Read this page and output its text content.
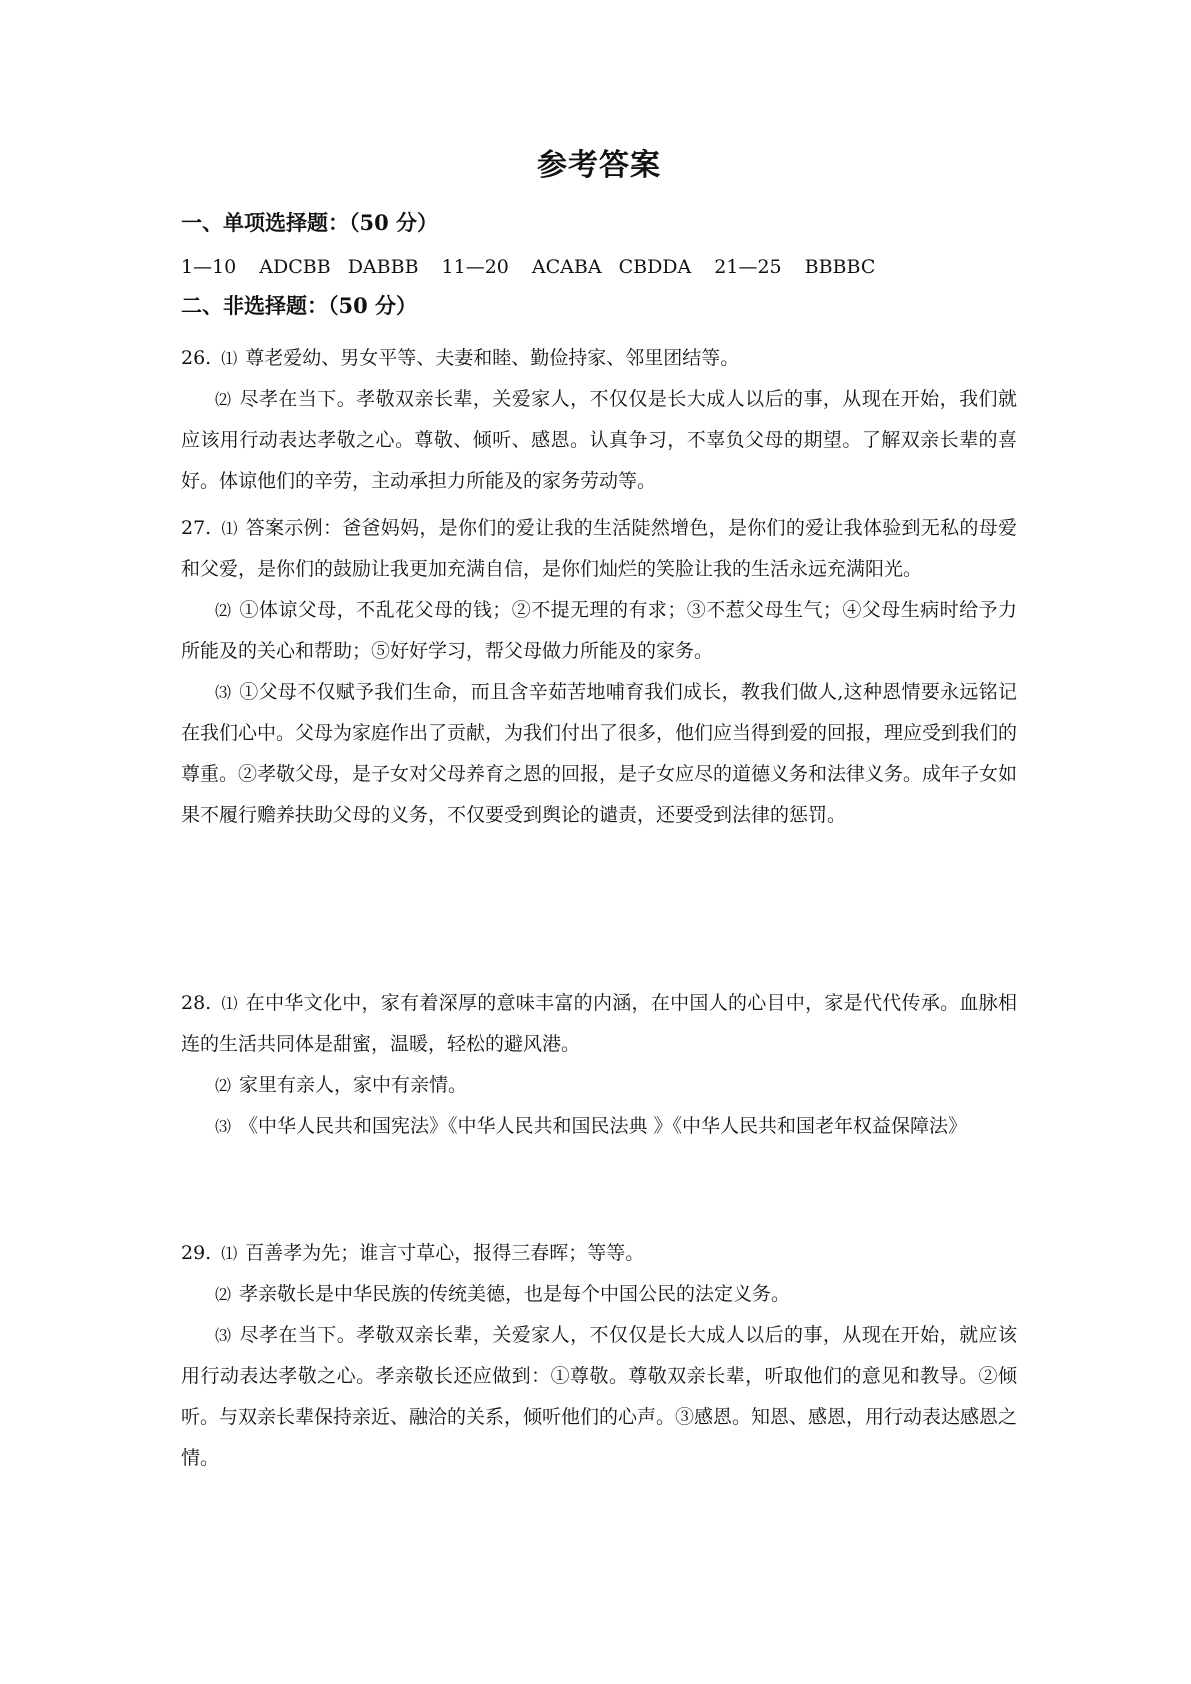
参考答案
一、单项选择题：（50 分）
1—10 ADCBB DABBB 11—20 ACABA CBDDA 21—25 BBBBC
二、非选择题：（50 分）

26. ⑴ 尊老爱幼、男女平等、夫妻和睦、勤俭持家、邻里团结等。

⑵ 尽孝在当下。孝敬双亲长辈，关爱家人，不仅仅是长大成人以后的事，从现在开始，我们就应该用行动表达孝敬之心。尊敬、倾听、感恩。认真争习，不辜负父母的期望。了解双亲长辈的喜好。体谅他们的辛劳，主动承担力所能及的家务劳动等。

27. ⑴ 答案示例：爸爸妈妈，是你们的爱让我的生活陡然增色，是你们的爱让我体验到无私的母爱和父爱，是你们的鼓励让我更加充满自信，是你们灿烂的笑脸让我的生活永远充满阳光。

⑵ ①体谅父母，不乱花父母的钱；②不提无理的有求；③不惹父母生气；④父母生病时给予力所能及的关心和帮助；⑤好好学习，帮父母做力所能及的家务。

⑶ ①父母不仅赋予我们生命，而且含辛茹苦地哺育我们成长，教我们做人,这种恩情要永远铭记在我们心中。父母为家庭作出了贡献，为我们付出了很多，他们应当得到爱的回报，理应受到我们的尊重。②孝敬父母，是子女对父母养育之恩的回报，是子女应尽的道德义务和法律义务。成年子女如果不履行赡养扶助父母的义务，不仅要受到舆论的谴责，还要受到法律的惩罚。

28. ⑴ 在中华文化中，家有着深厚的意味丰富的内涵，在中国人的心目中，家是代代传承。血脉相连的生活共同体是甜蜜，温暖，轻松的避风港。

⑵ 家里有亲人，家中有亲情。

⑶ 《中华人民共和国宪法》《中华人民共和国民法典 》《中华人民共和国老年权益保障法》

29. ⑴ 百善孝为先；谁言寸草心，报得三春晖；等等。

⑵ 孝亲敬长是中华民族的传统美德，也是每个中国公民的法定义务。

⑶ 尽孝在当下。孝敬双亲长辈，关爱家人，不仅仅是长大成人以后的事，从现在开始，就应该用行动表达孝敬之心。孝亲敬长还应做到：①尊敬。尊敬双亲长辈，听取他们的意见和教导。②倾听。与双亲长辈保持亲近、融洽的关系，倾听他们的心声。③感恩。知恩、感恩，用行动表达感恩之情。
